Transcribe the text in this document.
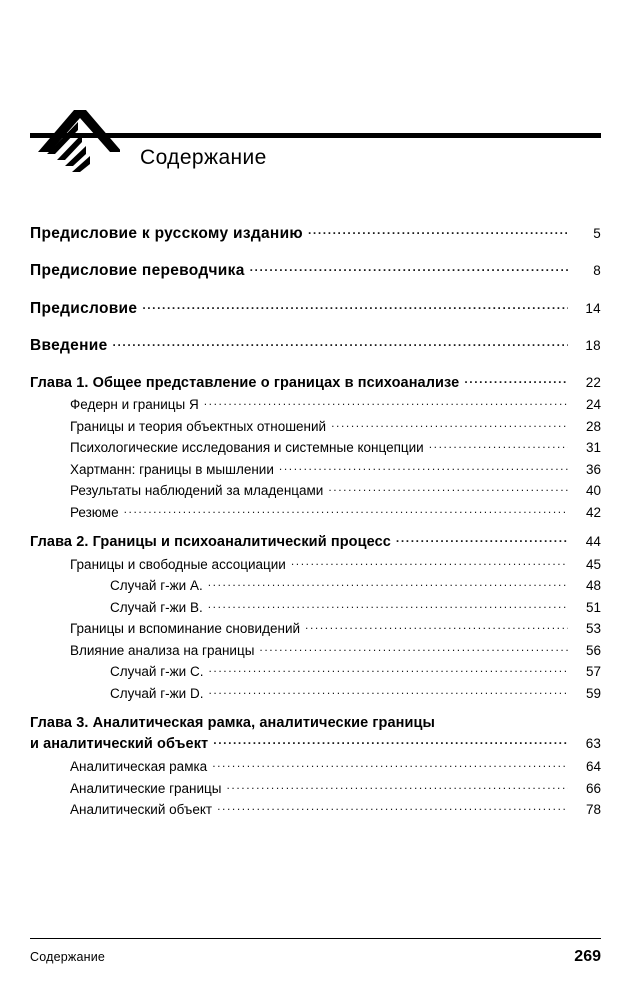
Содержание
Предисловие к русскому изданию .....	5
Предисловие переводчика .....	8
Предисловие .....	14
Введение .....	18
Глава 1. Общее представление о границах в психоанализе .....	22
Федерн и границы Я .....	24
Границы и теория объектных отношений .....	28
Психологические исследования и системные концепции .....	31
Хартманн: границы в мышлении .....	36
Результаты наблюдений за младенцами .....	40
Резюме .....	42
Глава 2. Границы и психоаналитический процесс .....	44
Границы и свободные ассоциации .....	45
Случай г-жи A. .....	48
Случай г-жи B. .....	51
Границы и вспоминание сновидений .....	53
Влияние анализа на границы .....	56
Случай г-жи C. .....	57
Случай г-жи D. .....	59
Глава 3. Аналитическая рамка, аналитические границы
и аналитический объект .....	63
Аналитическая рамка .....	64
Аналитические границы .....	66
Аналитический объект .....	78
Содержание	269
